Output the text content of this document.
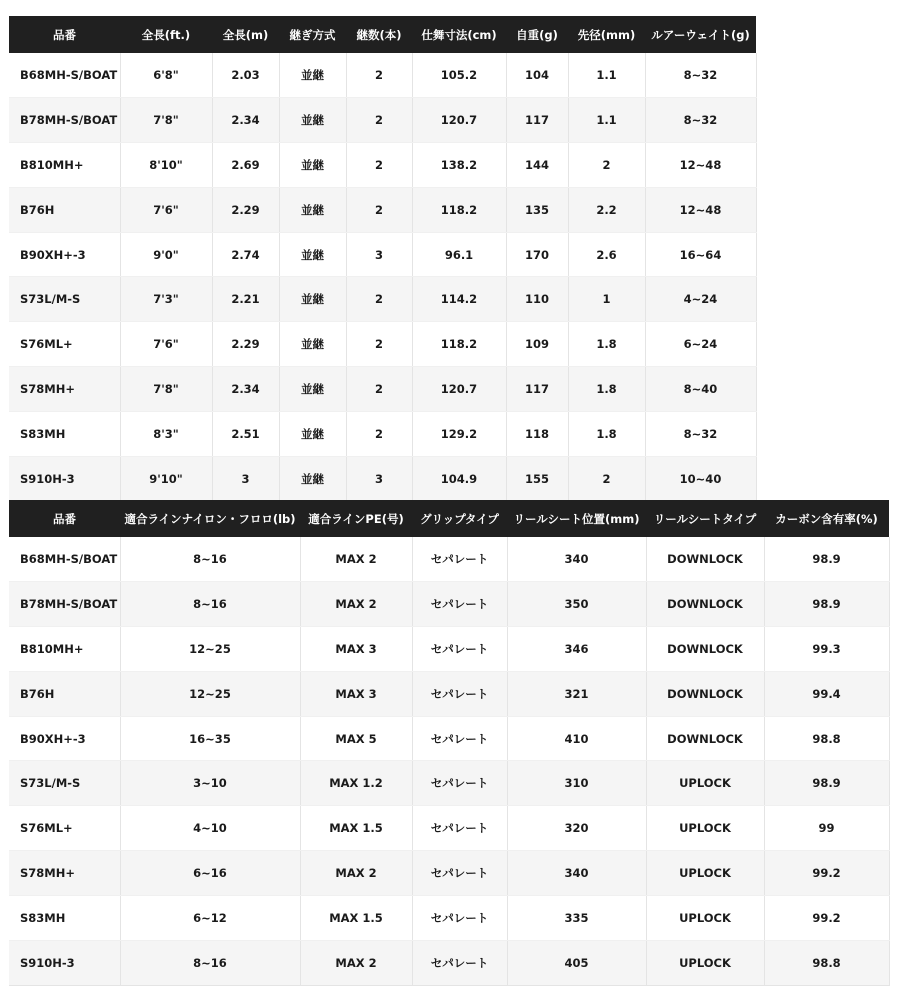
品番	全長(ft.)	全長(m)	継ぎ方式	継数(本)	仕舞寸法(cm)	自重(g)	先径(mm)	ルアーウェイト(g)
B68MH-S/BOAT	6'8"	2.03	並継	2	105.2	104	1.1	8~32
B78MH-S/BOAT	7'8"	2.34	並継	2	120.7	117	1.1	8~32
B810MH+	8'10"	2.69	並継	2	138.2	144	2	12~48
B76H	7'6"	2.29	並継	2	118.2	135	2.2	12~48
B90XH+-3	9'0"	2.74	並継	3	96.1	170	2.6	16~64
S73L/M-S	7'3"	2.21	並継	2	114.2	110	1	4~24
S76ML+	7'6"	2.29	並継	2	118.2	109	1.8	6~24
S78MH+	7'8"	2.34	並継	2	120.7	117	1.8	8~40
S83MH	8'3"	2.51	並継	2	129.2	118	1.8	8~32
S910H-3	9'10"	3	並継	3	104.9	155	2	10~40
品番	適合ラインナイロン・フロロ(lb)	適合ラインPE(号)	グリップタイプ	リールシート位置(mm)	リールシートタイプ	カーボン含有率(%)
B68MH-S/BOAT	8~16	MAX 2	セパレート	340	DOWNLOCK	98.9
B78MH-S/BOAT	8~16	MAX 2	セパレート	350	DOWNLOCK	98.9
B810MH+	12~25	MAX 3	セパレート	346	DOWNLOCK	99.3
B76H	12~25	MAX 3	セパレート	321	DOWNLOCK	99.4
B90XH+-3	16~35	MAX 5	セパレート	410	DOWNLOCK	98.8
S73L/M-S	3~10	MAX 1.2	セパレート	310	UPLOCK	98.9
S76ML+	4~10	MAX 1.5	セパレート	320	UPLOCK	99
S78MH+	6~16	MAX 2	セパレート	340	UPLOCK	99.2
S83MH	6~12	MAX 1.5	セパレート	335	UPLOCK	99.2
S910H-3	8~16	MAX 2	セパレート	405	UPLOCK	98.8
